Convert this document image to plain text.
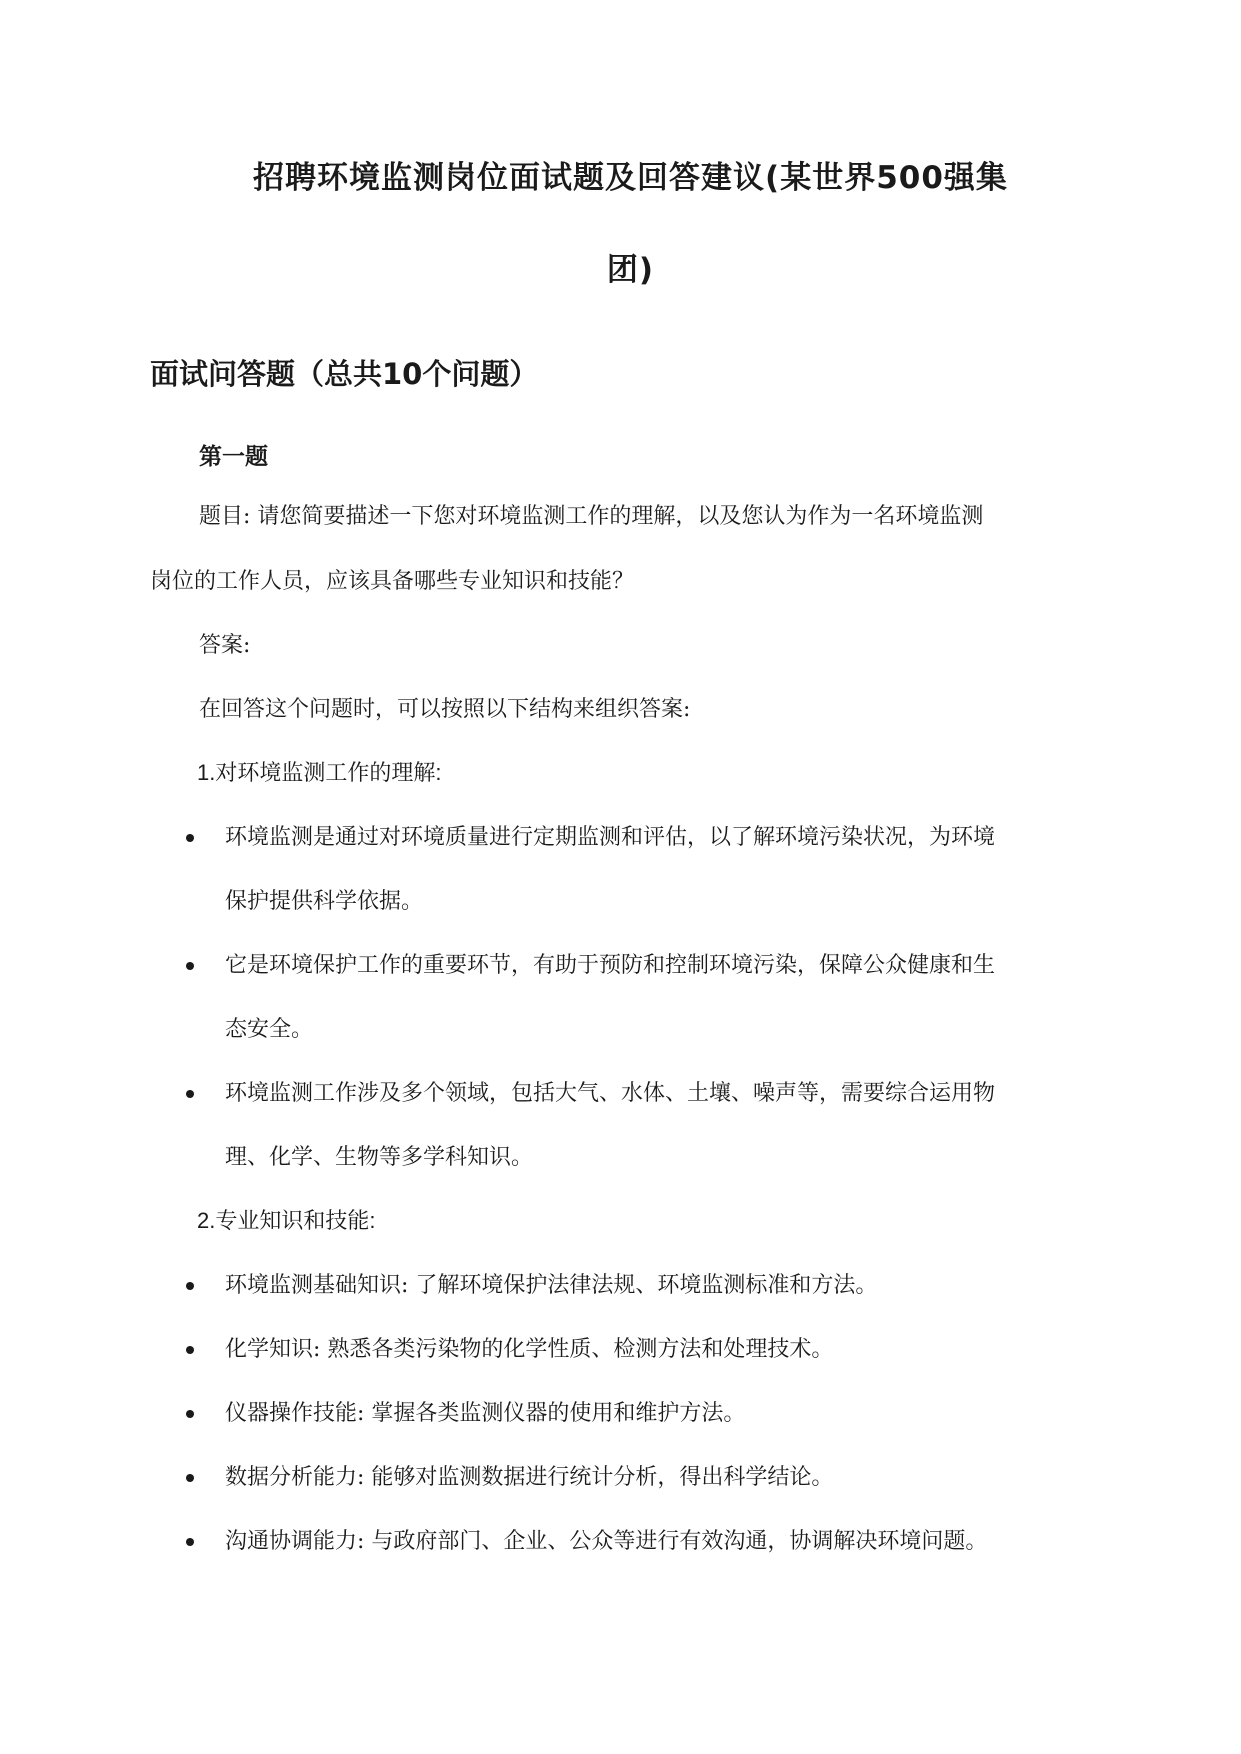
招聘环境监测岗位面试题及回答建议(某世界500强集
团)
面试问答题（总共10个问题）
第一题
题目: 请您简要描述一下您对环境监测工作的理解，以及您认为作为一名环境监测
岗位的工作人员，应该具备哪些专业知识和技能？
答案:
在回答这个问题时，可以按照以下结构来组织答案:
1.对环境监测工作的理解:
环境监测是通过对环境质量进行定期监测和评估，以了解环境污染状况，为环境
保护提供科学依据。
它是环境保护工作的重要环节，有助于预防和控制环境污染，保障公众健康和生
态安全。
环境监测工作涉及多个领域，包括大气、水体、土壤、噪声等，需要综合运用物
理、化学、生物等多学科知识。
2.专业知识和技能:
环境监测基础知识: 了解环境保护法律法规、环境监测标准和方法。
化学知识: 熟悉各类污染物的化学性质、检测方法和处理技术。
仪器操作技能: 掌握各类监测仪器的使用和维护方法。
数据分析能力: 能够对监测数据进行统计分析，得出科学结论。
沟通协调能力: 与政府部门、企业、公众等进行有效沟通，协调解决环境问题。
